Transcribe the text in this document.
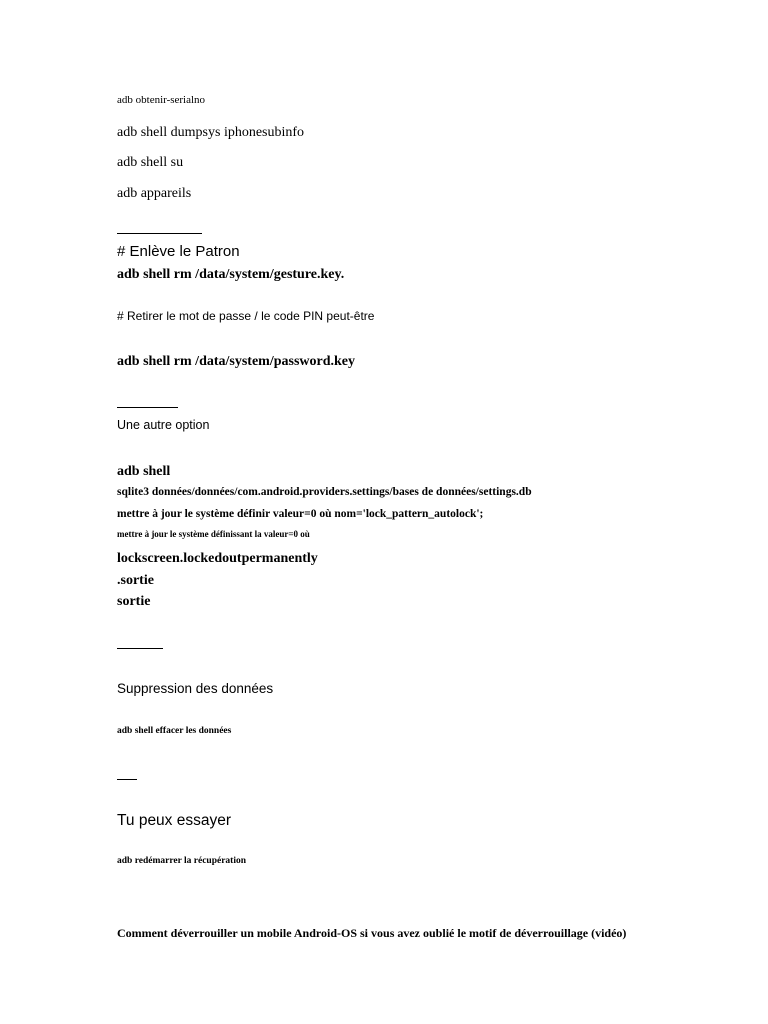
adb obtenir-serialno

adb shell dumpsys iphonesubinfo

adb shell su

adb appareils

# Enlève le Patron

adb shell rm /data/system/gesture.key.

# Retirer le mot de passe / le code PIN peut-être

adb shell rm /data/system/password.key

Une autre option

adb shell

sqlite3 données/données/com.android.providers.settings/bases de données/settings.db

mettre à jour le système définir valeur=0 où nom='lock_pattern_autolock';

mettre à jour le système définissant la valeur=0 où

lockscreen.lockedoutpermanently

.sortie

sortie

Suppression des données

adb shell effacer les données

Tu peux essayer

adb redémarrer la récupération

Comment déverrouiller un mobile Android-OS si vous avez oublié le motif de déverrouillage (vidéo)
